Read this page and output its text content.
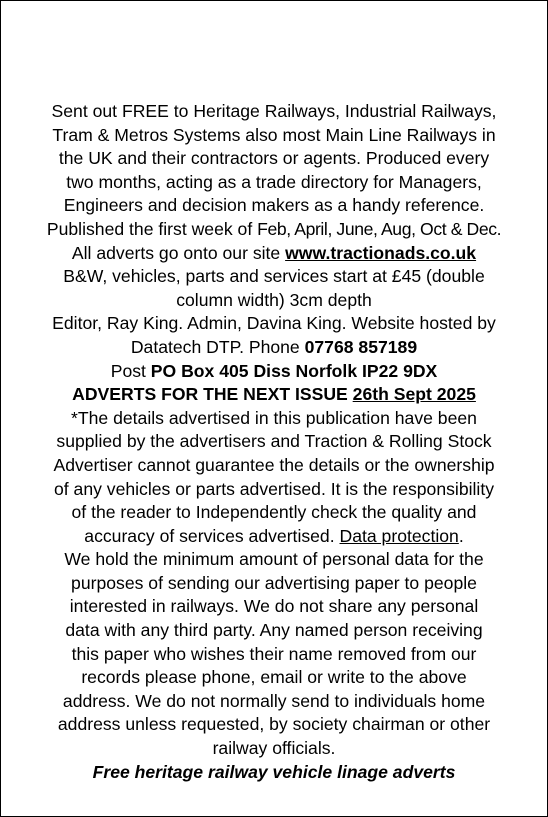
Sent out FREE to Heritage Railways, Industrial Railways,
Tram & Metros Systems also most Main Line Railways in
the UK and their contractors or agents. Produced every
two months, acting as a trade directory for Managers,
Engineers and decision makers as a handy reference.
Published the first week of Feb, April, June, Aug, Oct & Dec.
All adverts go onto our site www.tractionads.co.uk
B&W, vehicles, parts and services start at £45 (double
column width) 3cm depth
Editor, Ray King. Admin, Davina King. Website hosted by
Datatech DTP. Phone 07768 857189
Post PO Box 405 Diss Norfolk IP22 9DX
ADVERTS FOR THE NEXT ISSUE 26th Sept 2025
*The details advertised in this publication have been
supplied by the advertisers and Traction & Rolling Stock
Advertiser cannot guarantee the details or the ownership
of any vehicles or parts advertised. It is the responsibility
of the reader to Independently check the quality and
accuracy of services advertised. Data protection.
We hold the minimum amount of personal data for the
purposes of sending our advertising paper to people
interested in railways. We do not share any personal
data with any third party. Any named person receiving
this paper who wishes their name removed from our
records please phone, email or write to the above
address. We do not normally send to individuals home
address unless requested, by society chairman or other
railway officials.
Free heritage railway vehicle linage adverts
